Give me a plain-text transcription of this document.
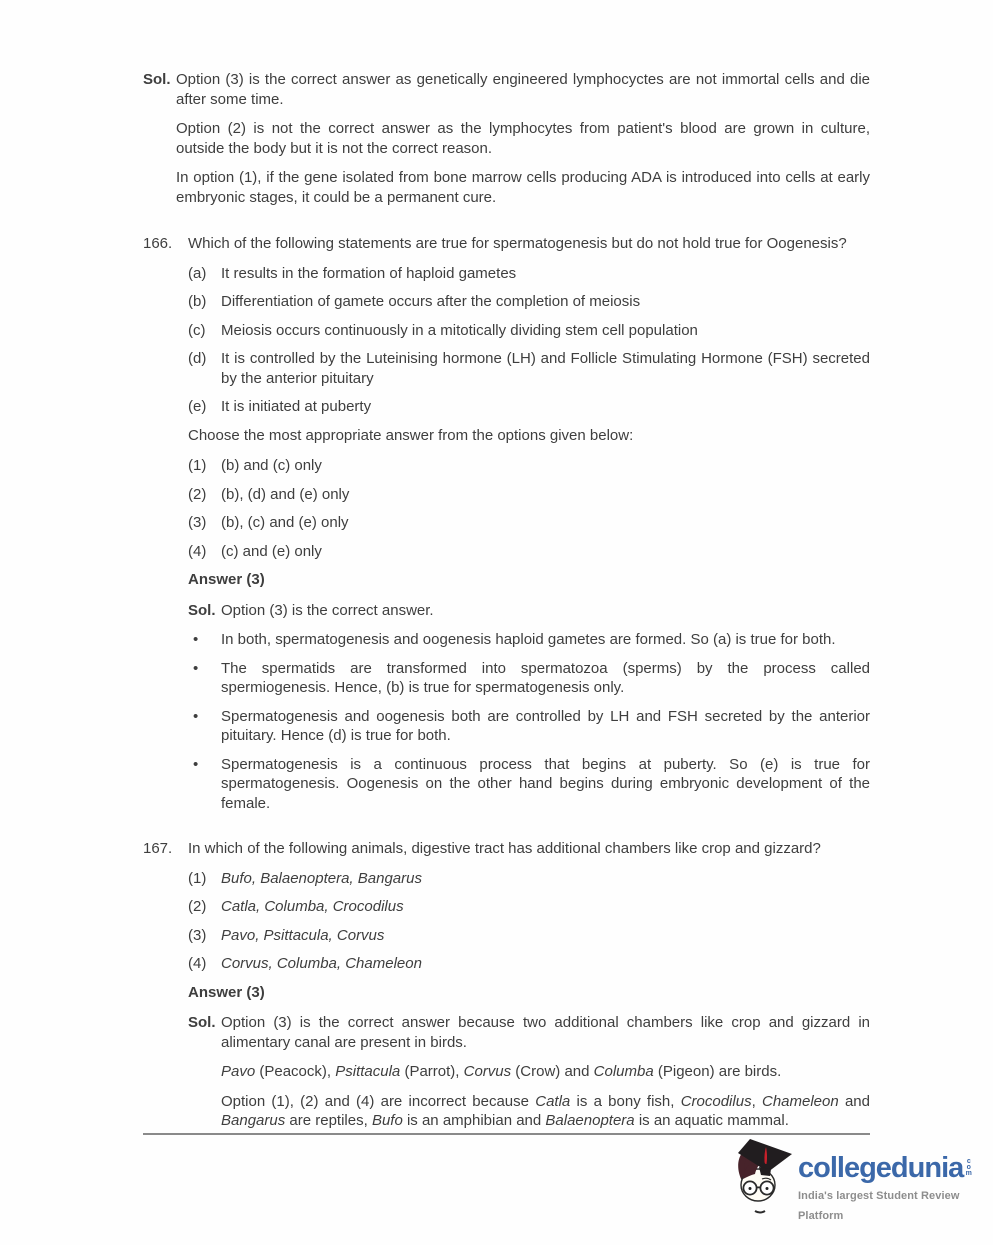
Sol. Option (3) is the correct answer as genetically engineered lymphocyctes are not immortal cells and die after some time.

Option (2) is not the correct answer as the lymphocytes from patient's blood are grown in culture, outside the body but it is not the correct reason.

In option (1), if the gene isolated from bone marrow cells producing ADA is introduced into cells at early embryonic stages, it could be a permanent cure.

166.	Which of the following statements are true for spermatogenesis but do not hold true for Oogenesis?

(a) It results in the formation of haploid gametes
(b) Differentiation of gamete occurs after the completion of meiosis
(c)	Meiosis occurs continuously in a mitotically dividing stem cell population
(d) It is controlled by the Luteinising hormone (LH) and Follicle Stimulating Hormone (FSH) secreted by the anterior pituitary
(e) It is initiated at puberty

Choose the most appropriate answer from the options given below:

(1) (b) and (c) only
(2) (b), (d) and (e) only
(3) (b), (c) and (e) only
(4) (c) and (e) only

Answer (3)

Sol. Option (3) is the correct answer.

•	In both, spermatogenesis and oogenesis haploid gametes are formed. So (a) is true for both.
•	The spermatids are transformed into spermatozoa (sperms) by the process called spermiogenesis. Hence, (b) is true for spermatogenesis only.
•	Spermatogenesis and oogenesis both are controlled by LH and FSH secreted by the anterior pituitary. Hence (d) is true for both.
•	Spermatogenesis is a continuous process that begins at puberty. So (e) is true for spermatogenesis. Oogenesis on the other hand begins during embryonic development of the female.
167.	In which of the following animals, digestive tract has additional chambers like crop and gizzard?

(1) Bufo, Balaenoptera, Bangarus
(2) Catla, Columba, Crocodilus
(3) Pavo, Psittacula, Corvus
(4) Corvus, Columba, Chameleon

Answer (3)

Sol. Option (3) is the correct answer because two additional chambers like crop and gizzard in alimentary canal are present in birds.

Pavo (Peacock), Psittacula (Parrot), Corvus (Crow) and Columba (Pigeon) are birds.

Option (1), (2) and (4) are incorrect because Catla is a bony fish, Crocodilus, Chameleon and Bangarus are reptiles, Bufo is an amphibian and Balaenoptera is an aquatic mammal.

collegedunia com
India's largest Student Review Platform
